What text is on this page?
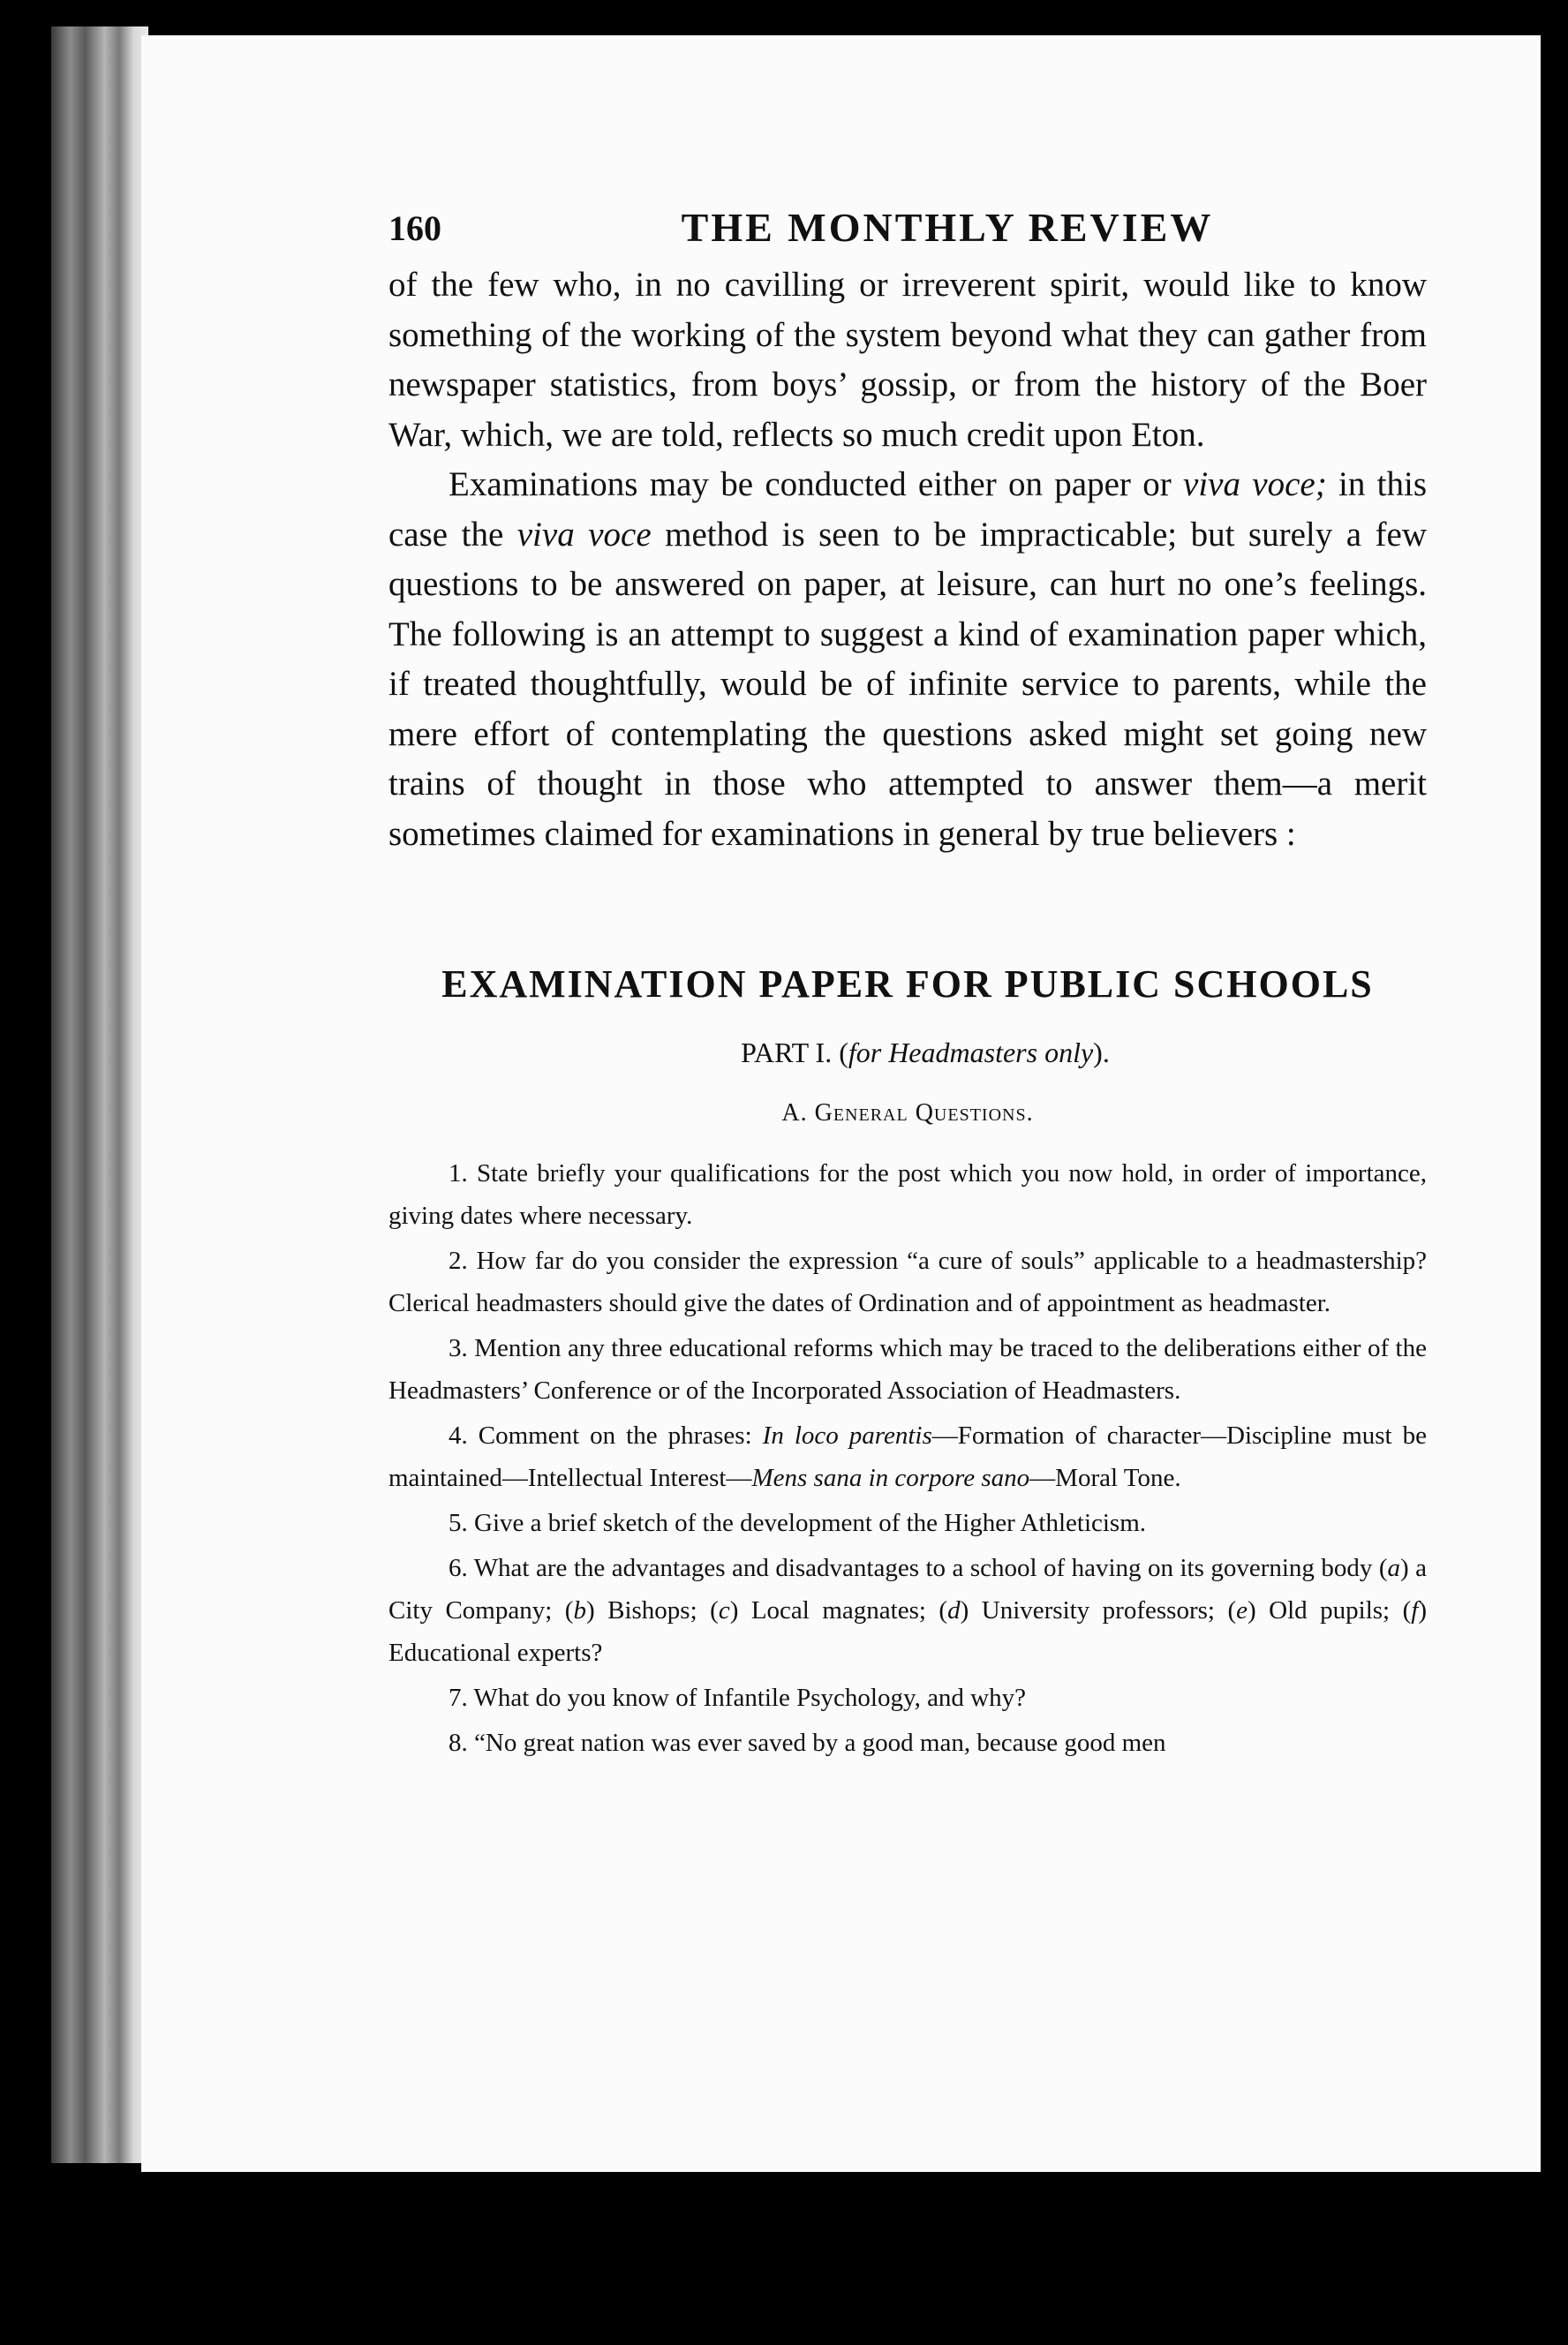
160	THE MONTHLY REVIEW

of the few who, in no cavilling or irreverent spirit, would like to know something of the working of the system beyond what they can gather from newspaper statistics, from boys’ gossip, or from the history of the Boer War, which, we are told, reflects so much credit upon Eton.

Examinations may be conducted either on paper or viva voce; in this case the viva voce method is seen to be impracticable; but surely a few questions to be answered on paper, at leisure, can hurt no one’s feelings. The following is an attempt to suggest a kind of examination paper which, if treated thoughtfully, would be of infinite service to parents, while the mere effort of contemplating the questions asked might set going new trains of thought in those who attempted to answer them—a merit sometimes claimed for examinations in general by true believers :

EXAMINATION PAPER FOR PUBLIC SCHOOLS
PART I. (for Headmasters only).
A. General Questions.

1. State briefly your qualifications for the post which you now hold, in order of importance, giving dates where necessary.

2. How far do you consider the expression “a cure of souls” applicable to a headmastership? Clerical headmasters should give the dates of Ordination and of appointment as headmaster.

3. Mention any three educational reforms which may be traced to the deliberations either of the Headmasters’ Conference or of the Incorporated Association of Headmasters.

4. Comment on the phrases: In loco parentis—Formation of character—Discipline must be maintained—Intellectual Interest—Mens sana in corpore sano—Moral Tone.

5. Give a brief sketch of the development of the Higher Athleticism.

6. What are the advantages and disadvantages to a school of having on its governing body (a) a City Company; (b) Bishops; (c) Local magnates; (d) University professors; (e) Old pupils; (f) Educational experts?

7. What do you know of Infantile Psychology, and why?

8. “No great nation was ever saved by a good man, because good men
